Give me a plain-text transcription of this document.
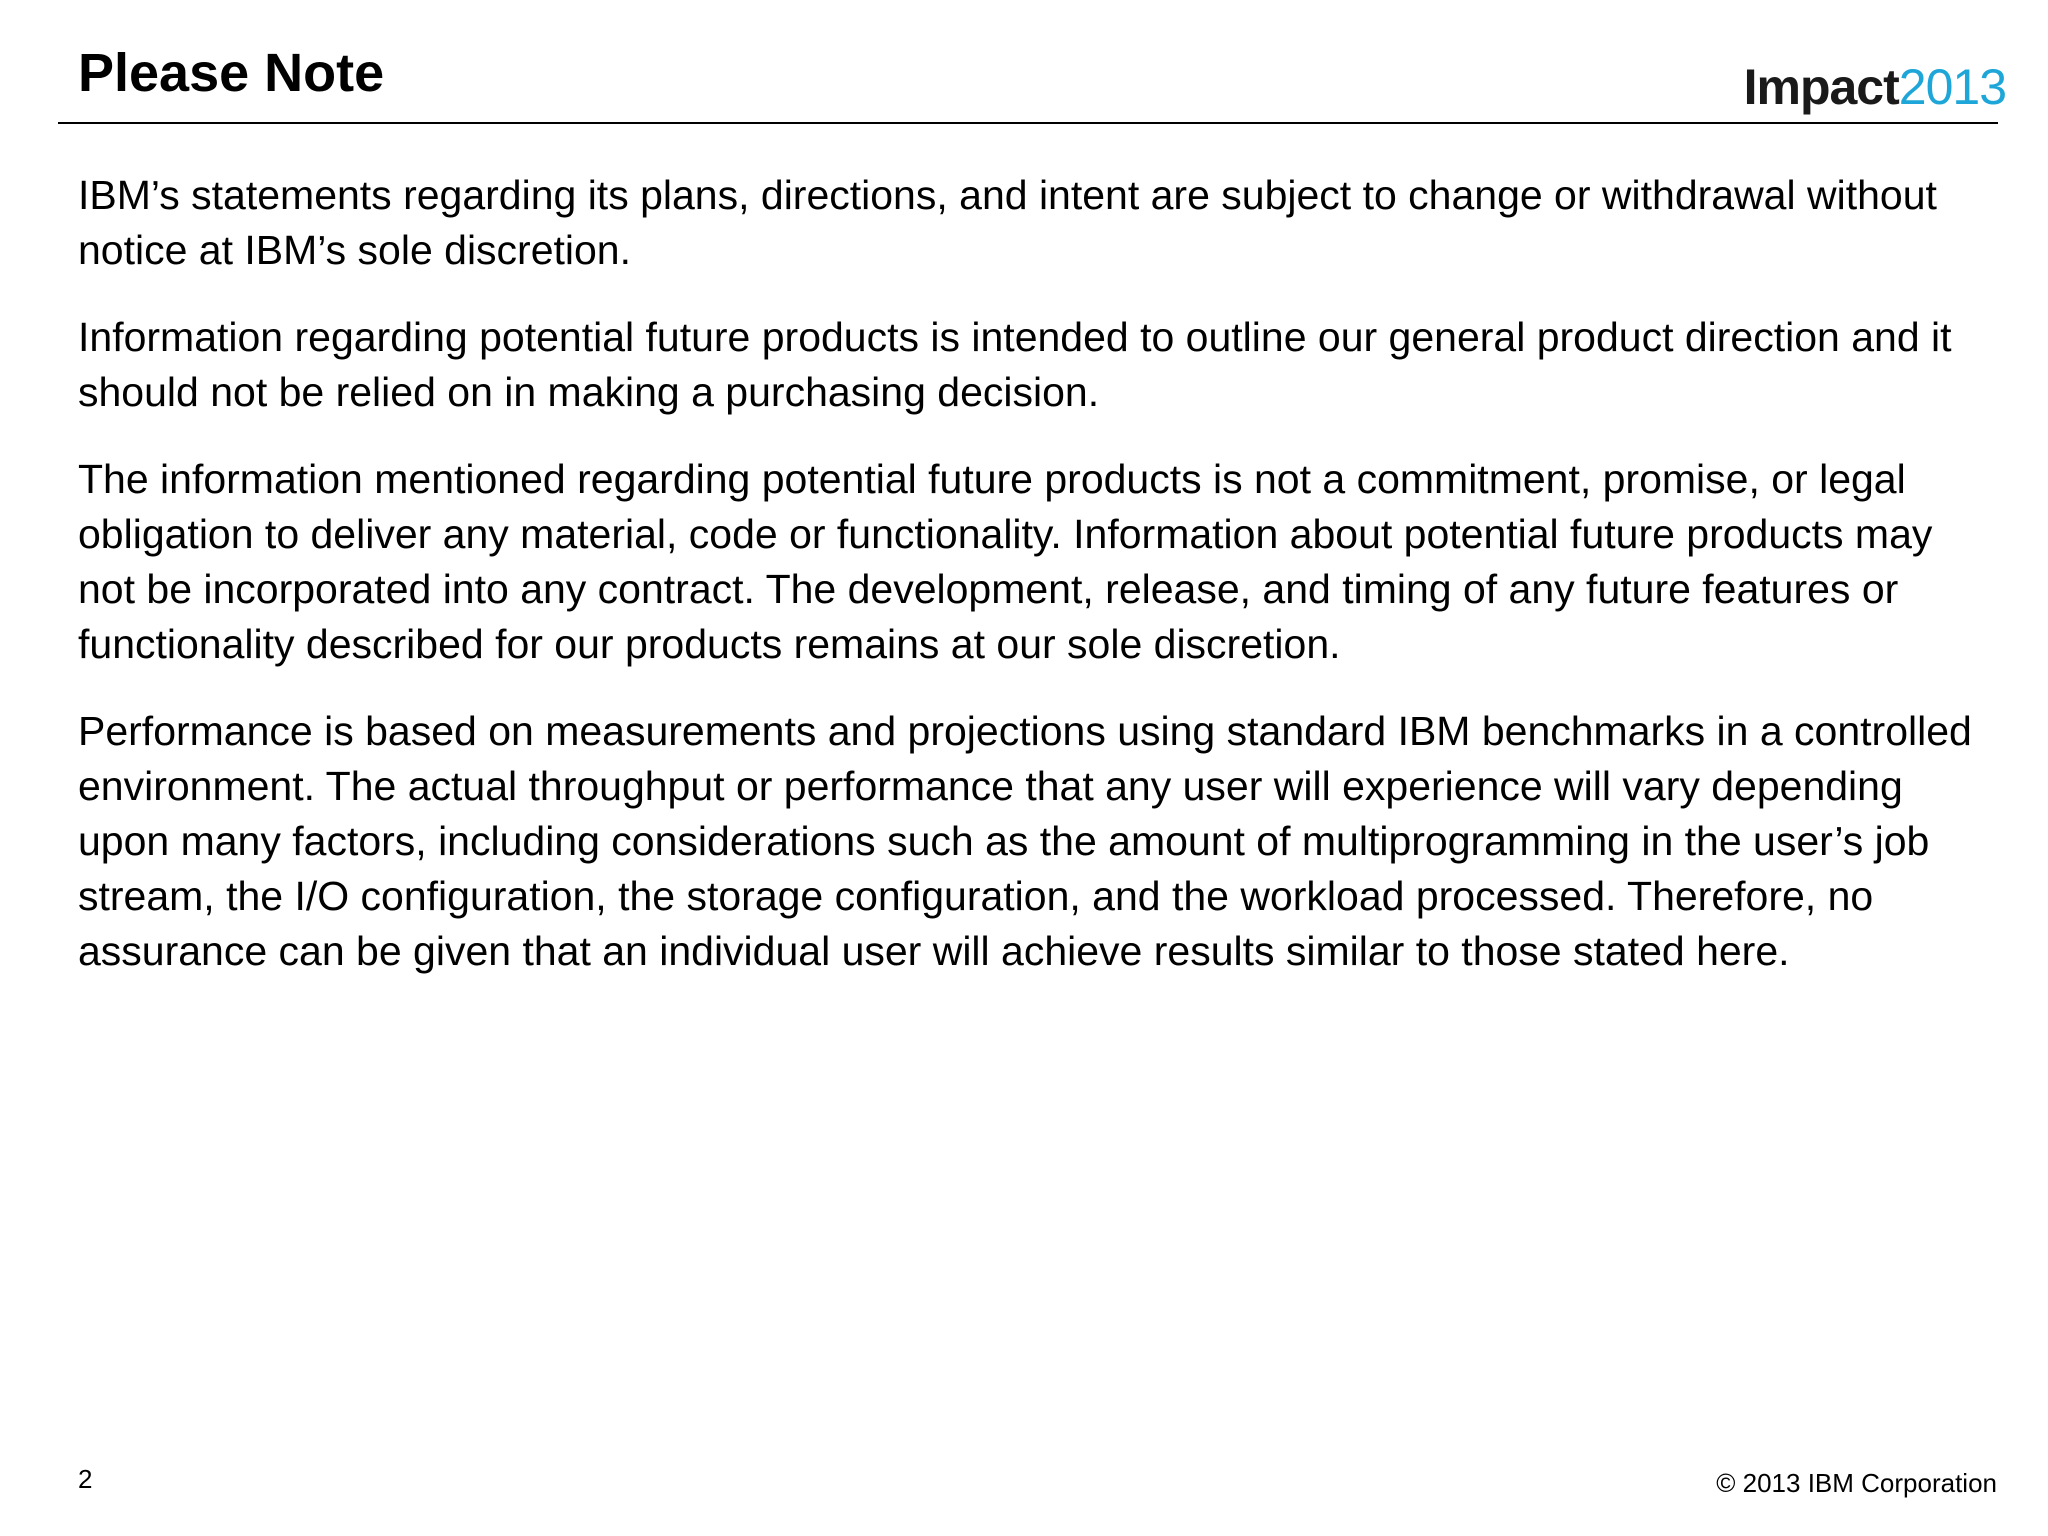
Please Note	Impact2013

IBM’s statements regarding its plans, directions, and intent are subject to change or withdrawal without notice at IBM’s sole discretion.

Information regarding potential future products is intended to outline our general product direction and it should not be relied on in making a purchasing decision.

The information mentioned regarding potential future products is not a commitment, promise, or legal obligation to deliver any material, code or functionality. Information about potential future products may not be incorporated into any contract. The development, release, and timing of any future features or functionality described for our products remains at our sole discretion.

Performance is based on measurements and projections using standard IBM benchmarks in a controlled environment. The actual throughput or performance that any user will experience will vary depending upon many factors, including considerations such as the amount of multiprogramming in the user’s job stream, the I/O configuration, the storage configuration, and the workload processed. Therefore, no assurance can be given that an individual user will achieve results similar to those stated here.

2	© 2013 IBM Corporation
